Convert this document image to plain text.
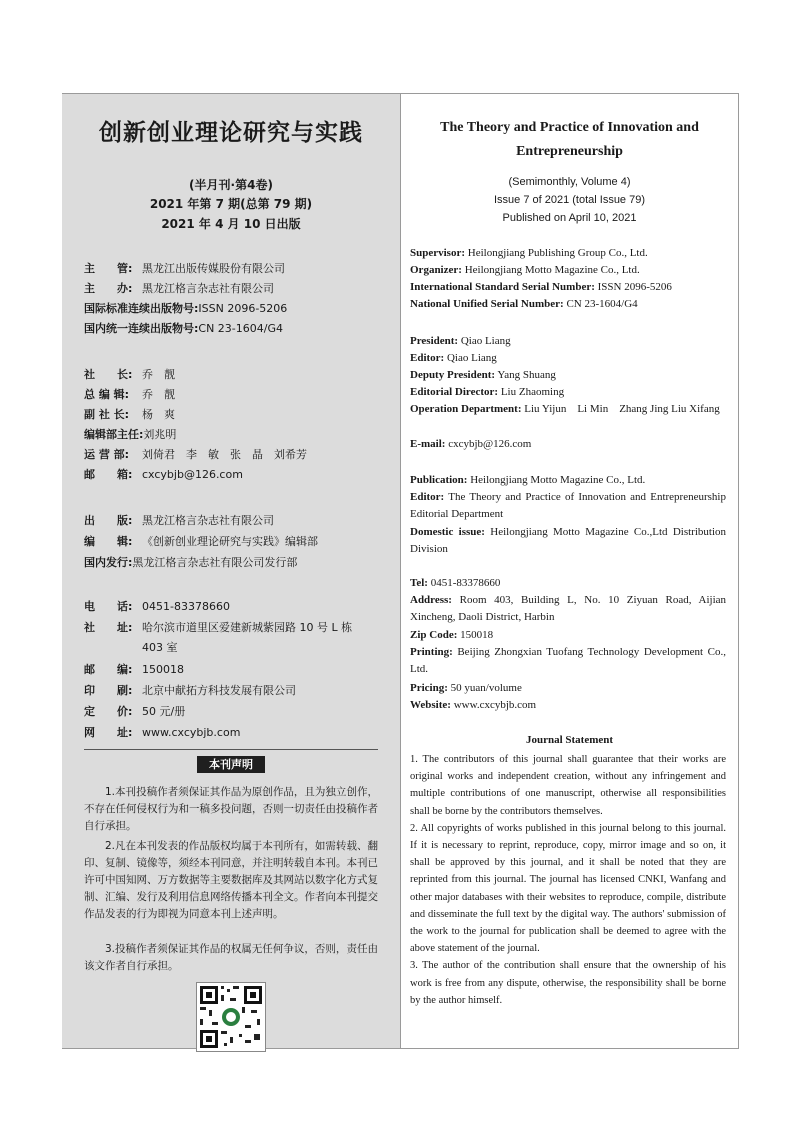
创新创业理论研究与实践
(半月刊·第4卷)
2021 年第 7 期(总第 79 期)
2021 年 4 月 10 日出版
主　　管: 黑龙江出版传媒股份有限公司
主　　办: 黑龙江格言杂志社有限公司
国际标准连续出版物号:ISSN 2096-5206
国内统一连续出版物号:CN 23-1604/G4
社　　长: 乔　靓
总 编 辑: 乔　靓
副 社 长: 杨　爽
编辑部主任:刘兆明
运 营 部: 刘倚君　李　敏　张　晶　刘希芳
邮　　箱: cxcybjb@126.com
出　　版: 黑龙江格言杂志社有限公司
编　　辑: 《创新创业理论研究与实践》编辑部
国内发行:黑龙江格言杂志社有限公司发行部
电　　话: 0451-83378660
社　　址: 哈尔滨市道里区爱建新城紫园路 10 号 L 栋
403 室
邮　　编: 150018
印　　刷: 北京中献拓方科技发展有限公司
定　　价: 50 元/册
网　　址: www.cxcybjb.com
本刊声明
1.本刊投稿作者须保证其作品为原创作品，且为独立创作，不存在任何侵权行为和一稿多投问题，否则一切责任由投稿作者自行承担。
2.凡在本刊发表的作品版权均属于本刊所有，如需转载、翻印、复制、镜像等，须经本刊同意，并注明转载自本刊。本刊已许可中国知网、万方数据等主要数据库及其网站以数字化方式复制、汇编、发行及利用信息网络传播本刊全文。作者向本刊提交作品发表的行为即视为同意本刊上述声明。
3.投稿作者须保证其作品的权属无任何争议，否则，责任由该文作者自行承担。
The Theory and Practice of Innovation and Entrepreneurship
(Semimonthly, Volume 4)
Issue 7 of 2021 (total Issue 79)
Published on April 10, 2021
Supervisor: Heilongjiang Publishing Group Co., Ltd.
Organizer: Heilongjiang Motto Magazine Co., Ltd.
International Standard Serial Number: ISSN 2096-5206
National Unified Serial Number: CN 23-1604/G4
President: Qiao Liang
Editor: Qiao Liang
Deputy President: Yang Shuang
Editorial Director: Liu Zhaoming
Operation Department: Liu Yijun　Li Min　Zhang Jing Liu Xifang
E-mail: cxcybjb@126.com
Publication: Heilongjiang Motto Magazine Co., Ltd.
Editor: The Theory and Practice of Innovation and Entrepreneurship Editorial Department
Domestic issue: Heilongjiang Motto Magazine Co.,Ltd Distribution Division
Tel: 0451-83378660
Address: Room 403, Building L, No. 10 Ziyuan Road, Aijian Xincheng, Daoli District, Harbin
Zip Code: 150018
Printing: Beijing Zhongxian Tuofang Technology Development Co., Ltd.
Pricing: 50 yuan/volume
Website: www.cxcybjb.com
Journal Statement

1. The contributors of this journal shall guarantee that their works are original works and independent creation, without any infringement and multiple contributions of one manuscript, otherwise all responsibilities shall be borne by the contributors themselves.

2. All copyrights of works published in this journal belong to this journal. If it is necessary to reprint, reproduce, copy, mirror image and so on, it shall be approved by this journal, and it shall be noted that they are reprinted from this journal. The journal has licensed CNKI, Wanfang and other major databases with their websites to reproduce, compile, distribute and disseminate the full text by the digital way. The authors' submission of the work to the journal for publication shall be deemed to agree with the above statement of the journal.

3. The author of the contribution shall ensure that the ownership of his work is free from any dispute, otherwise, the responsibility shall be borne by the author himself.
